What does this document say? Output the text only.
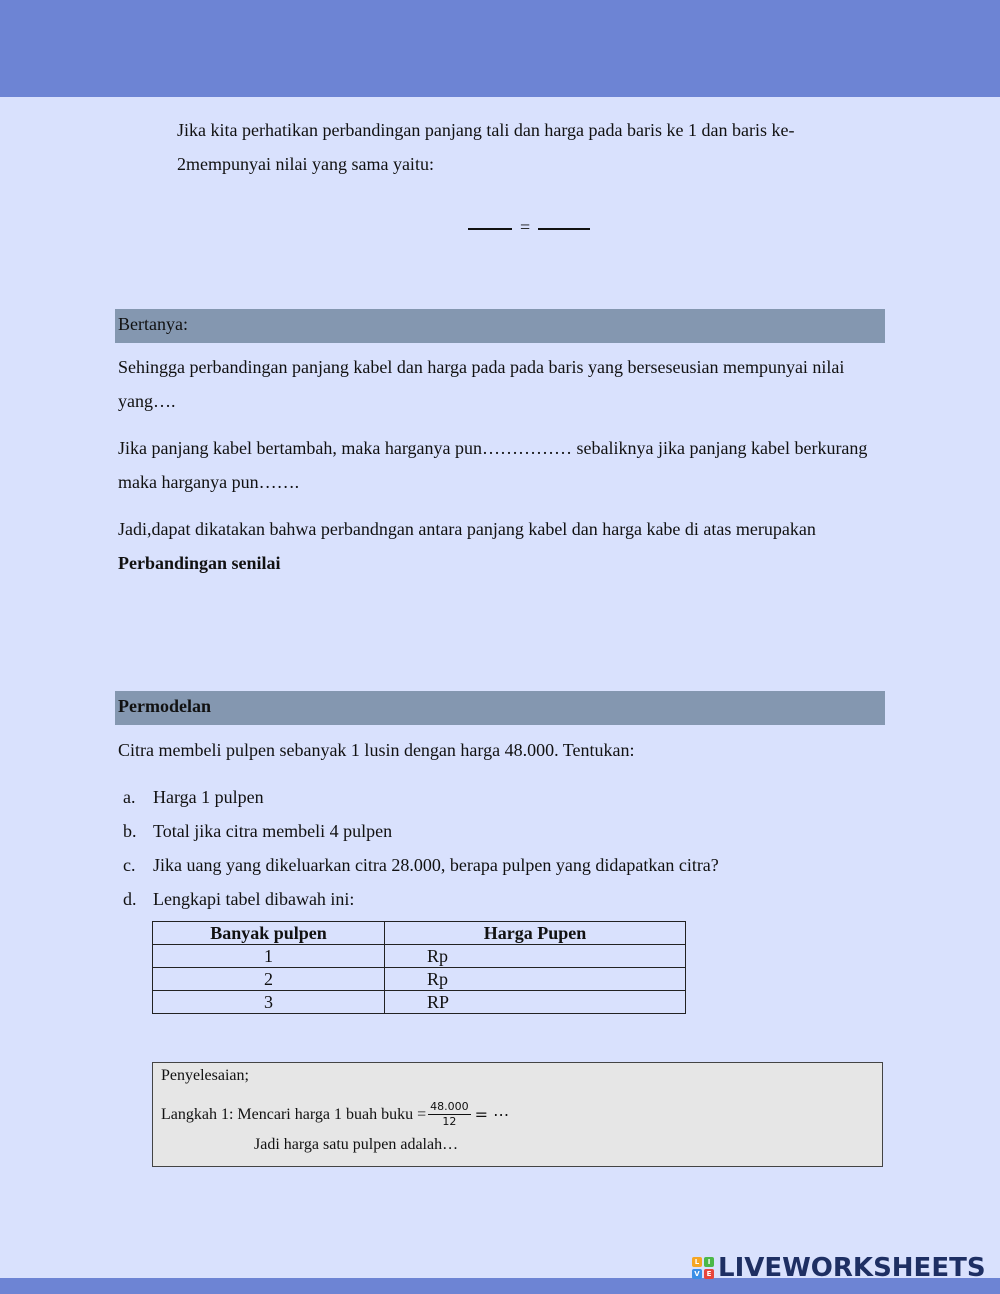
Jika kita perhatikan perbandingan panjang tali dan harga pada baris ke 1 dan baris ke-2mempunyai nilai yang sama yaitu:

=
Bertanya:

Sehingga perbandingan panjang kabel dan harga pada pada baris yang berseseusian mempunyai nilai yang….

Jika panjang kabel bertambah, maka harganya pun…………… sebaliknya jika panjang kabel berkurang maka harganya pun…….

Jadi,dapat dikatakan bahwa perbandngan antara panjang kabel dan harga kabe di atas merupakan
Perbandingan senilai

Permodelan

Citra membeli pulpen sebanyak 1 lusin dengan harga 48.000. Tentukan:

a. Harga 1 pulpen
b. Total jika citra membeli 4 pulpen
c. Jika uang yang dikeluarkan citra 28.000, berapa pulpen yang didapatkan citra?
d. Lengkapi tabel dibawah ini:
Banyak pulpen	Harga Pupen
1	Rp
2	Rp
3	RP
Penyelesaian;
Langkah 1: Mencari harga 1 buah buku = $\frac{48.000}{12}$ = ⋯
Jadi harga satu pulpen adalah…
L	I
V E LIVEWORKSHEETS
